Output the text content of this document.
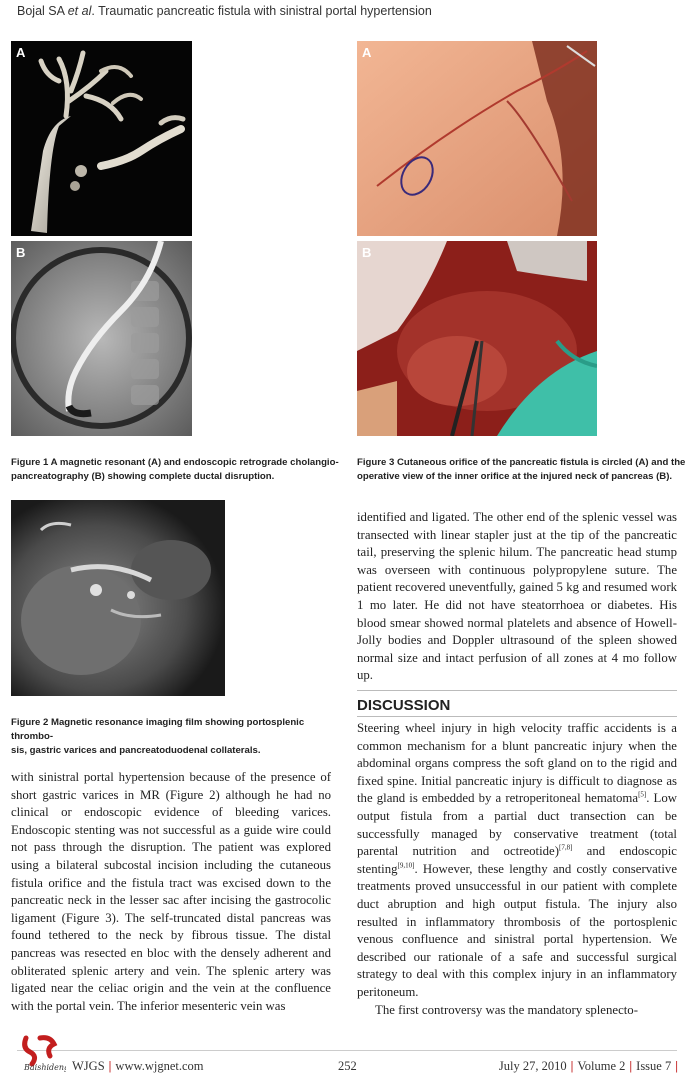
Bojal SA et al. Traumatic pancreatic fistula with sinistral portal hypertension
A
B
A
B
Figure 1 A magnetic resonant (A) and endoscopic retrograde cholangio-
pancreatography (B) showing complete ductal disruption.
Figure 3 Cutaneous orifice of the pancreatic fistula is circled (A) and the
operative view of the inner orifice at the injured neck of pancreas (B).
Figure 2 Magnetic resonance imaging film showing portosplenic thrombo-
sis, gastric varices and pancreatoduodenal collaterals.

with sinistral portal hypertension because of the presence of short gastric varices in MR (Figure 2) although he had no clinical or endoscopic evidence of bleeding varices. Endoscopic stenting was not successful as a guide wire could not pass through the disruption. The patient was explored using a bilateral subcostal incision including the cutaneous fistula orifice and the fistula tract was excised down to the pancreatic neck in the lesser sac after incising the gastrocolic ligament (Figure 3). The self-truncated distal pancreas was found tethered to the neck by fibrous tissue. The distal pancreas was resected en bloc with the densely adherent and obliterated splenic artery and vein. The splenic artery was ligated near the celiac origin and the vein at the confluence with the portal vein. The inferior mesenteric vein was

identified and ligated. The other end of the splenic vessel was transected with linear stapler just at the tip of the pancreatic tail, preserving the splenic hilum. The pancreatic head stump was overseen with continuous polypropylene suture. The patient recovered uneventfully, gained 5 kg and resumed work 1 mo later. He did not have steatorrhoea or diabetes. His blood smear showed normal platelets and absence of Howell-Jolly bodies and Doppler ultrasound of the spleen showed normal size and intact perfusion of all zones at 4 mo follow up.

DISCUSSION

Steering wheel injury in high velocity traffic accidents is a common mechanism for a blunt pancreatic injury when the abdominal organs compress the soft gland on to the rigid and fixed spine. Initial pancreatic injury is difficult to diagnose as the gland is embedded by a retroperitoneal hematoma[5]. Low output fistula from a partial duct transection can be successfully managed by conservative treatment (total parental nutrition and octreotide)[7,8] and endoscopic stenting[9,10]. However, these lengthy and costly conservative treatments proved unsuccessful in our patient with complete duct abruption and high output fistula. The injury also resulted in inflammatory thrombosis of the portosplenic venous confluence and sinistral portal hypertension. We described our rationale of a safe and successful surgical strategy to deal with this complex injury in an inflammatory peritoneum.

The first controversy was the mandatory splenecto-

Baishideng WJGS | www.wjgnet.com	252	July 27, 2010 | Volume 2 | Issue 7 |
